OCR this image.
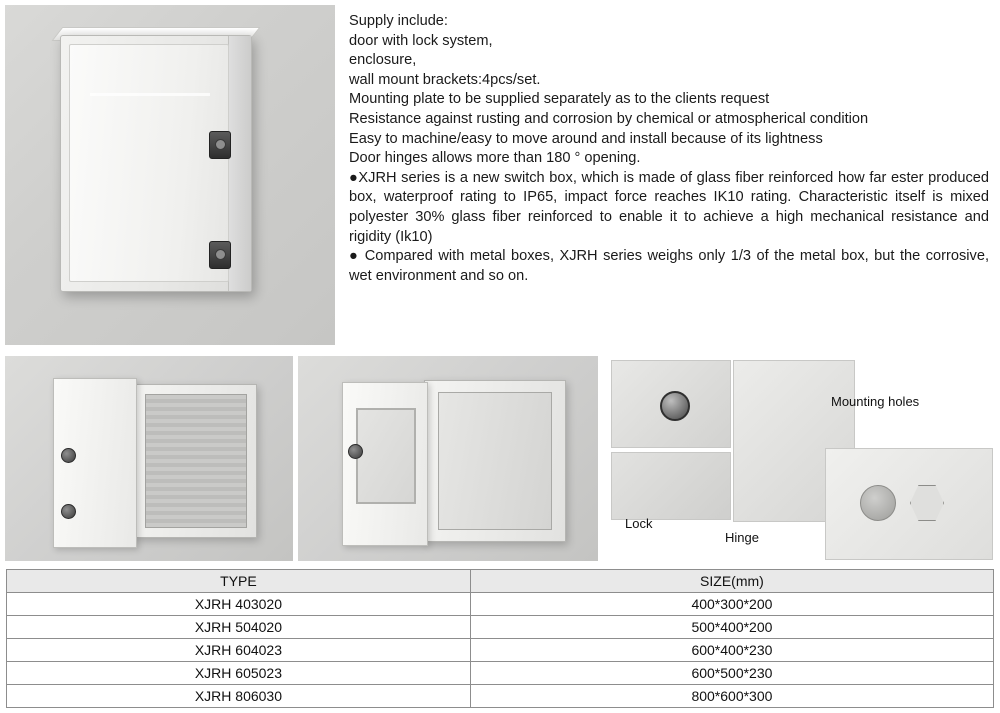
Supply include:

door with lock system,

enclosure,

wall mount brackets:4pcs/set.

Mounting plate to be supplied separately as to the clients request

Resistance against rusting and corrosion by chemical or atmospherical condition

Easy to machine/easy to move around and install because of its lightness

Door hinges allows more than 180 ° opening.

●XJRH series is a new switch box, which is made of glass fiber reinforced how far ester produced box, waterproof rating to IP65, impact force reaches IK10 rating. Characteristic itself is mixed polyester 30% glass fiber reinforced to enable it to achieve a high mechanical resistance and rigidity (Ik10)

● Compared with metal boxes, XJRH series weighs only 1/3 of the metal box, but the corrosive, wet environment and so on.

Lock
Hinge
Mounting holes
TYPE	SIZE(mm)
XJRH 403020	400*300*200
XJRH 504020	500*400*200
XJRH 604023	600*400*230
XJRH 605023	600*500*230
XJRH 806030	800*600*300
